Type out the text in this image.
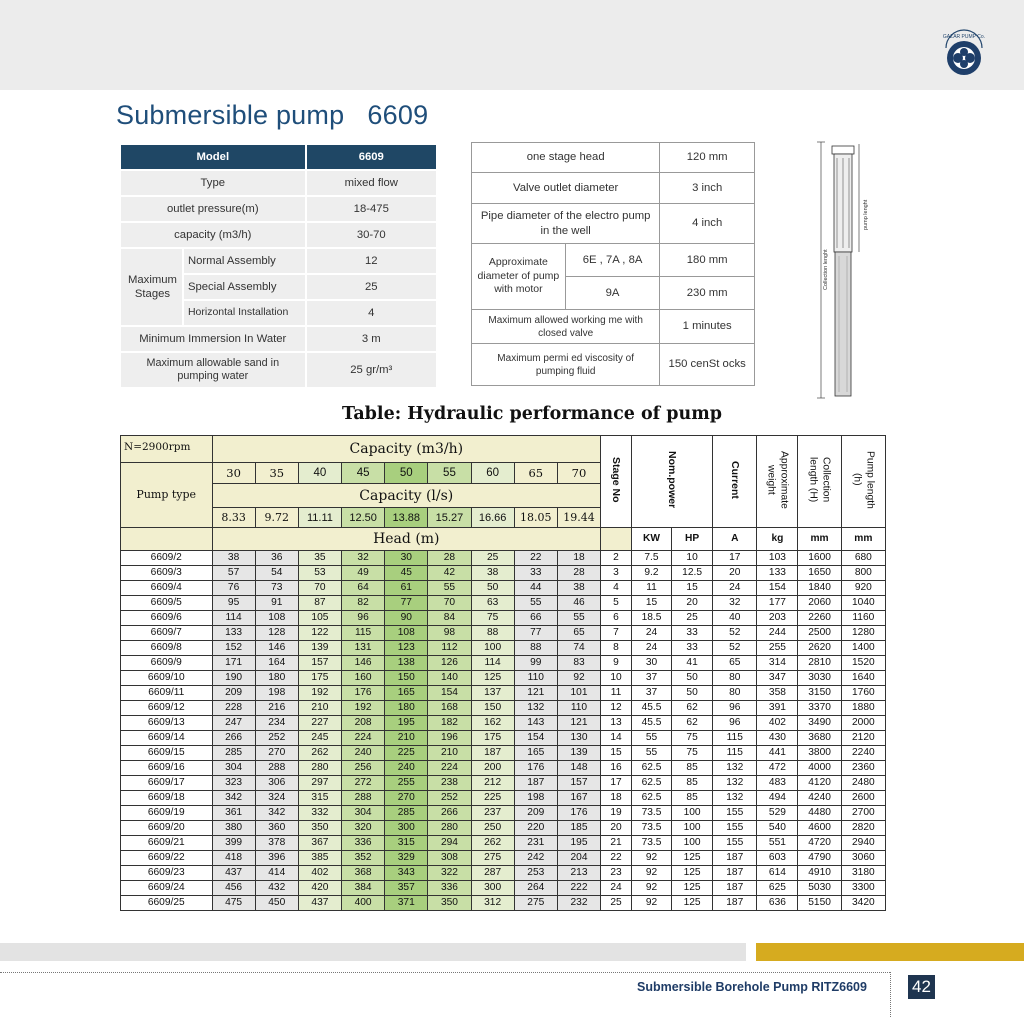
GAZAR PUMP Co.
Submersible pump   6609
Model		6609
Type		mixed flow
outlet pressure(m)		18-475
capacity (m3/h)		30-70
Maximum Stages	Normal Assembly	12
	Special Assembly	25
	Horizontal Installation	4
Minimum Immersion In Water		3 m
Maximum allowable sand in pumping water		25 gr/m³
one stage head		120 mm
Valve outlet diameter		3 inch
Pipe diameter of the electro pump in the well		4 inch
Approximate diameter of pump with motor	6E , 7A , 8A	180 mm
	9A	230 mm
Maximum allowed working me with closed valve		1 minutes
Maximum permi ed viscosity of pumping fluid		150 cenSt ocks
Collection lenght
pump lenght
Table: Hydraulic performance of pump
N=2900rpm	Capacity (m3/h)									Stage No	Nom.power		Current	Approximate weight	Collection length (H)	Pump length (h)
Pump type	30	35	40	45	50	55	60	65	70							
	Capacity (l/s)															
	8.33	9.72	11.11	12.50	13.88	15.27	16.66	18.05	19.44							
	Head (m)										KW	HP	A	kg	mm	mm
6609/2	38	36	35	32	30	28	25	22	18	2	7.5	10	17	103	1600	680
6609/3	57	54	53	49	45	42	38	33	28	3	9.2	12.5	20	133	1650	800
6609/4	76	73	70	64	61	55	50	44	38	4	11	15	24	154	1840	920
6609/5	95	91	87	82	77	70	63	55	46	5	15	20	32	177	2060	1040
6609/6	114	108	105	96	90	84	75	66	55	6	18.5	25	40	203	2260	1160
6609/7	133	128	122	115	108	98	88	77	65	7	24	33	52	244	2500	1280
6609/8	152	146	139	131	123	112	100	88	74	8	24	33	52	255	2620	1400
6609/9	171	164	157	146	138	126	114	99	83	9	30	41	65	314	2810	1520
6609/10	190	180	175	160	150	140	125	110	92	10	37	50	80	347	3030	1640
6609/11	209	198	192	176	165	154	137	121	101	11	37	50	80	358	3150	1760
6609/12	228	216	210	192	180	168	150	132	110	12	45.5	62	96	391	3370	1880
6609/13	247	234	227	208	195	182	162	143	121	13	45.5	62	96	402	3490	2000
6609/14	266	252	245	224	210	196	175	154	130	14	55	75	115	430	3680	2120
6609/15	285	270	262	240	225	210	187	165	139	15	55	75	115	441	3800	2240
6609/16	304	288	280	256	240	224	200	176	148	16	62.5	85	132	472	4000	2360
6609/17	323	306	297	272	255	238	212	187	157	17	62.5	85	132	483	4120	2480
6609/18	342	324	315	288	270	252	225	198	167	18	62.5	85	132	494	4240	2600
6609/19	361	342	332	304	285	266	237	209	176	19	73.5	100	155	529	4480	2700
6609/20	380	360	350	320	300	280	250	220	185	20	73.5	100	155	540	4600	2820
6609/21	399	378	367	336	315	294	262	231	195	21	73.5	100	155	551	4720	2940
6609/22	418	396	385	352	329	308	275	242	204	22	92	125	187	603	4790	3060
6609/23	437	414	402	368	343	322	287	253	213	23	92	125	187	614	4910	3180
6609/24	456	432	420	384	357	336	300	264	222	24	92	125	187	625	5030	3300
6609/25	475	450	437	400	371	350	312	275	232	25	92	125	187	636	5150	3420
Submersible Borehole Pump RITZ6609	42
